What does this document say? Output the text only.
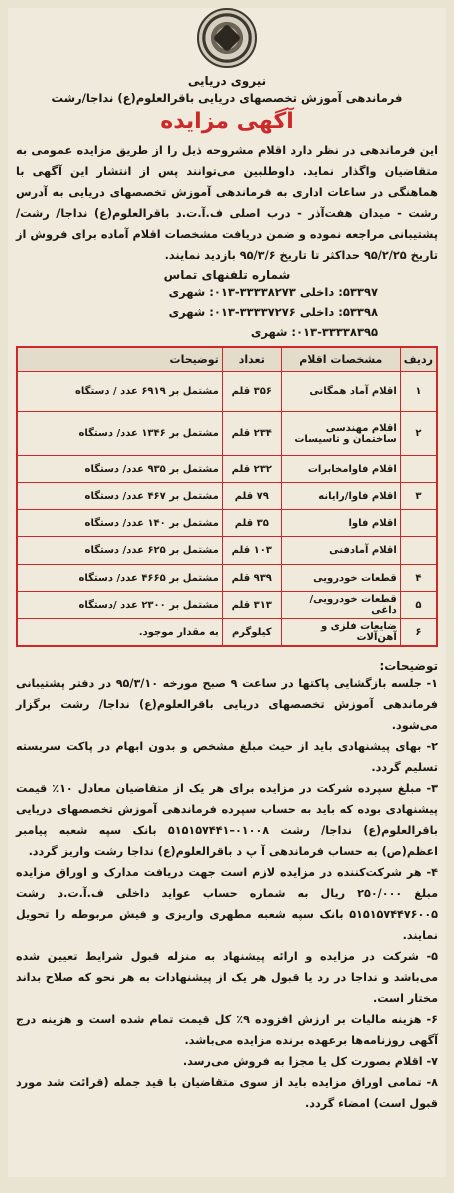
نیروی دریایی
فرماندهی آموزش تخصصهای دریایی باقرالعلوم(ع) نداجا/رشت
آگهی مزایده

این فرماندهی در نظر دارد اقلام مشروحه ذیل را از طریق مزایده عمومی به متقاضیان واگذار نماید. داوطلبین می‌توانند پس از انتشار این آگهی با هماهنگی در ساعات اداری به فرماندهی آموزش تخصصهای دریایی به آدرس رشت - میدان هفت‌آذر - درب اصلی ف.آ.ت.د باقرالعلوم(ع) نداجا/ رشت/پشتیبانی مراجعه نموده و ضمن دریافت مشخصات اقلام آماده برای فروش از تاریخ ۹۵/۲/۲۵ حداکثر تا تاریخ ۹۵/۳/۶ بازدید نمایند.

شماره تلفنهای تماس
۵۳۳۹۷: داخلی ۳۳۳۳۸۲۷۳-۰۱۳: شهری
۵۳۳۹۸: داخلی ۳۳۳۳۷۲۷۶-۰۱۳: شهری
۰۱۳-۳۳۳۳۸۳۹۵: شهری
ردیف	مشخصات اقلام	تعداد	توضیحات
۱	اقلام آماد همگانی	۳۵۶ قلم	مشتمل بر ۶۹۱۹ عدد / دستگاه
۲	اقلام مهندسی ساختمان و تاسیسات	۲۳۴ قلم	مشتمل بر ۱۳۴۶ عدد/ دستگاه
	اقلام فاوامخابرات	۲۳۲ قلم	مشتمل بر ۹۳۵ عدد/ دستگاه
۳	اقلام فاوا/رایانه	۷۹ قلم	مشتمل بر ۴۶۷ عدد/ دستگاه
	اقلام فاوا	۳۵ قلم	مشتمل بر ۱۴۰ عدد/ دستگاه
	اقلام آمادفنی	۱۰۳ قلم	مشتمل بر ۶۲۵ عدد/ دستگاه
۴	قطعات خودرویی	۹۳۹ قلم	مشتمل بر ۴۶۶۵ عدد/ دستگاه
۵	قطعات خودرویی/ داغی	۳۱۳ قلم	مشتمل بر ۲۳۰۰ عدد /دستگاه
۶	ضایعات فلزی و آهن‌آلات	کیلوگرم	به مقدار موجود.
توضیحات:

۱- جلسه بازگشایی پاکتها در ساعت ۹ صبح مورخه ۹۵/۳/۱۰ در دفتر پشتیبانی فرماندهی آموزش تخصصهای دریایی باقرالعلوم(ع) نداجا/ رشت برگزار می‌شود.

۲- بهای پیشنهادی باید از حیث مبلغ مشخص و بدون ابهام در پاکت سربسته تسلیم گردد.

۳- مبلغ سپرده شرکت در مزایده برای هر یک از متقاضیان معادل ۱۰٪ قیمت پیشنهادی بوده که باید به حساب سپرده فرماندهی آموزش تخصصهای دریایی باقرالعلوم(ع) نداجا/ رشت ۰۱۰۰۸–۵۱۵۱۵۷۴۴۱ بانک سپه شعبه پیامبر اعظم(ص) به حساب فرماندهی آ پ د باقرالعلوم(ع) نداجا رشت واریز گردد.

۴- هر شرکت‌کننده در مزایده لازم است جهت دریافت مدارک و اوراق مزایده مبلغ ۲۵۰/۰۰۰ ریال به شماره حساب عواید داخلی ف.آ.ت.د رشت ۵۱۵۱۵۷۴۴۷۶۰۰۵ بانک سپه شعبه مطهری واریزی و فیش مربوطه را تحویل نمایند.

۵- شرکت در مزایده و ارائه پیشنهاد به منزله قبول شرایط تعیین شده می‌باشد و نداجا در رد یا قبول هر یک از پیشنهادات به هر نحو که صلاح بداند مختار است.

۶- هزینه مالیات بر ارزش افزوده ۹٪ کل قیمت تمام شده است و هزینه درج آگهی روزنامه‌ها برعهده برنده مزایده می‌باشد.

۷- اقلام بصورت کل یا مجزا به فروش می‌رسد.

۸- تمامی اوراق مزایده باید از سوی متقاضیان با قید جمله (قرائت شد مورد قبول است) امضاء گردد.
